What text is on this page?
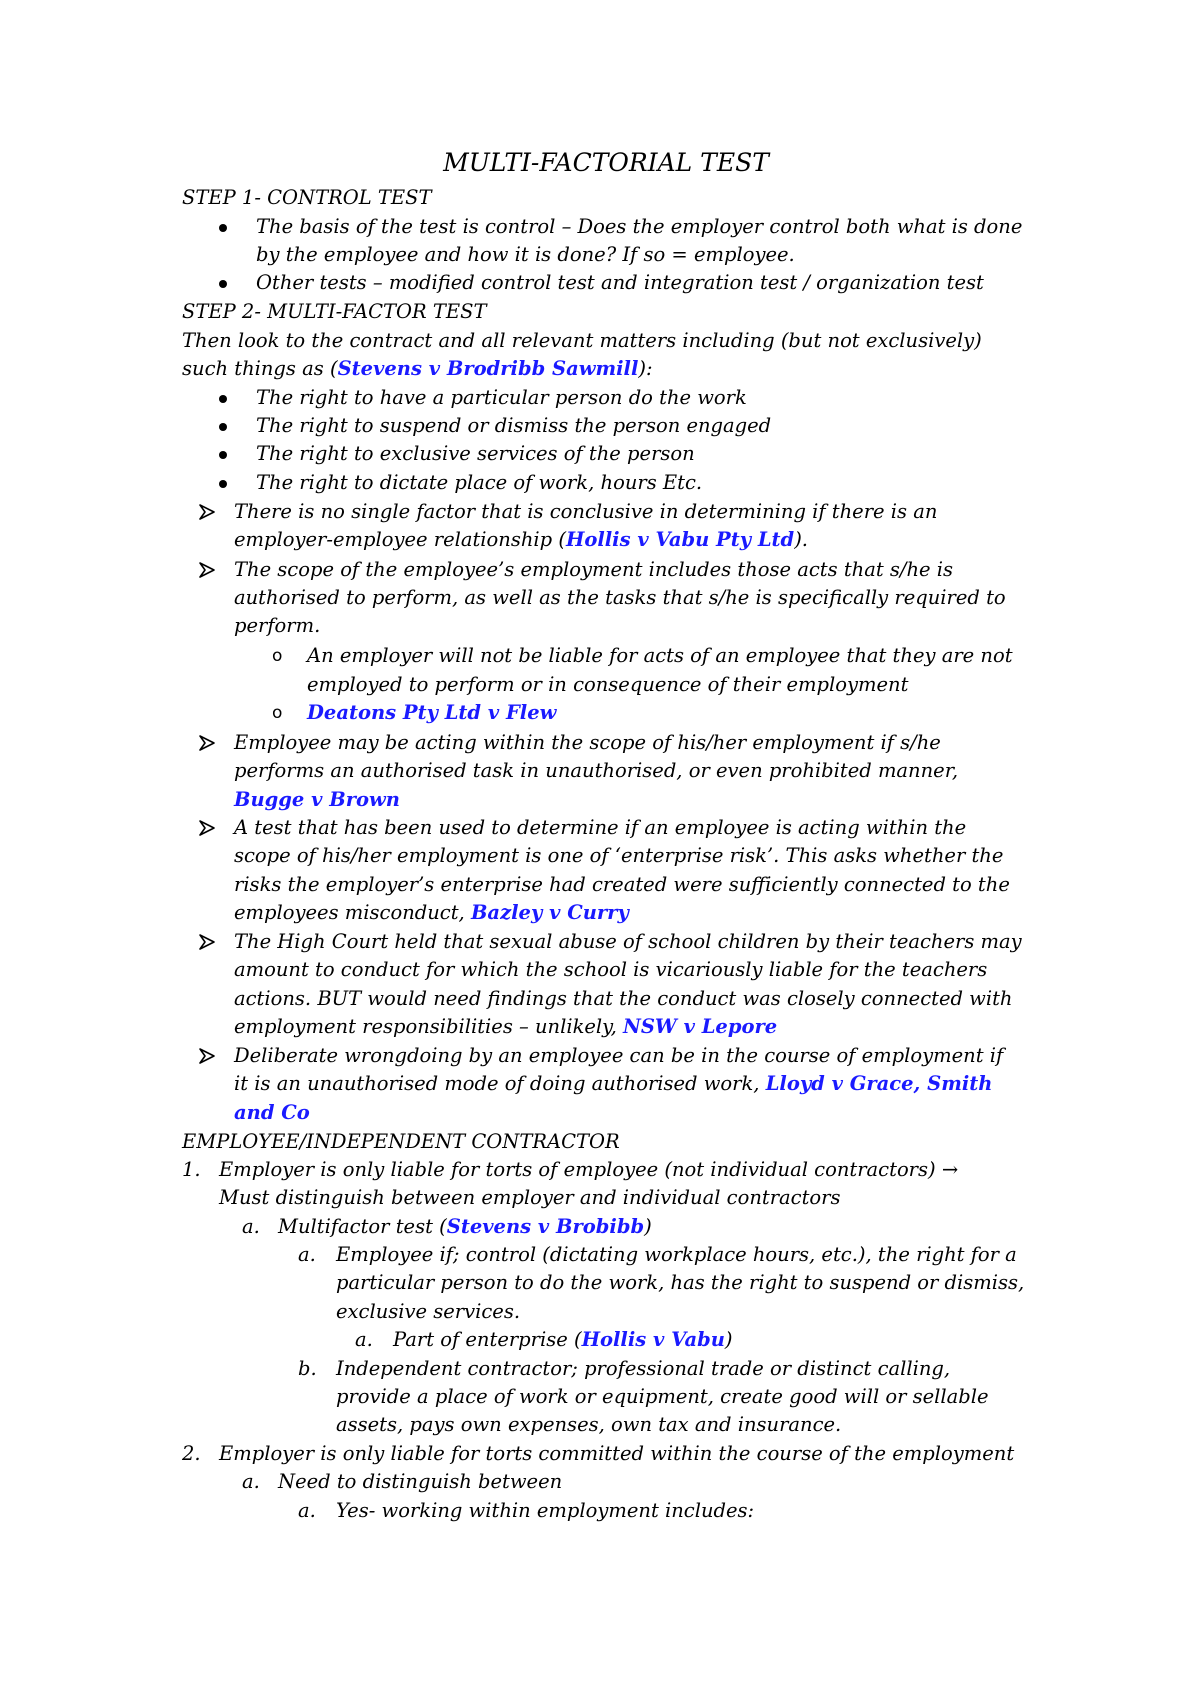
MULTI-FACTORIAL TEST
STEP 1- CONTROL TEST
The basis of the test is control – Does the employer control both what is done
by the employee and how it is done? If so = employee.
Other tests – modified control test and integration test / organization test
STEP 2- MULTI-FACTOR TEST
Then look to the contract and all relevant matters including (but not exclusively)
such things as (Stevens v Brodribb Sawmill):
The right to have a particular person do the work
The right to suspend or dismiss the person engaged
The right to exclusive services of the person
The right to dictate place of work, hours Etc.
There is no single factor that is conclusive in determining if there is an
employer-employee relationship (Hollis v Vabu Pty Ltd).
The scope of the employee’s employment includes those acts that s/he is
authorised to perform, as well as the tasks that s/he is specifically required to
perform.
o An employer will not be liable for acts of an employee that they are not
employed to perform or in consequence of their employment
o Deatons Pty Ltd v Flew
Employee may be acting within the scope of his/her employment if s/he
performs an authorised task in unauthorised, or even prohibited manner,
Bugge v Brown
A test that has been used to determine if an employee is acting within the
scope of his/her employment is one of ‘enterprise risk’. This asks whether the
risks the employer’s enterprise had created were sufficiently connected to the
employees misconduct, Bazley v Curry
The High Court held that sexual abuse of school children by their teachers may
amount to conduct for which the school is vicariously liable for the teachers
actions. BUT would need findings that the conduct was closely connected with
employment responsibilities – unlikely, NSW v Lepore
Deliberate wrongdoing by an employee can be in the course of employment if
it is an unauthorised mode of doing authorised work, Lloyd v Grace, Smith
and Co
EMPLOYEE/INDEPENDENT CONTRACTOR
1. Employer is only liable for torts of employee (not individual contractors) →
Must distinguish between employer and individual contractors
a. Multifactor test (Stevens v Brobibb)
a. Employee if; control (dictating workplace hours, etc.), the right for a
particular person to do the work, has the right to suspend or dismiss,
exclusive services.
a. Part of enterprise (Hollis v Vabu)
b. Independent contractor; professional trade or distinct calling,
provide a place of work or equipment, create good will or sellable
assets, pays own expenses, own tax and insurance.
2. Employer is only liable for torts committed within the course of the employment
a. Need to distinguish between
a. Yes- working within employment includes:
